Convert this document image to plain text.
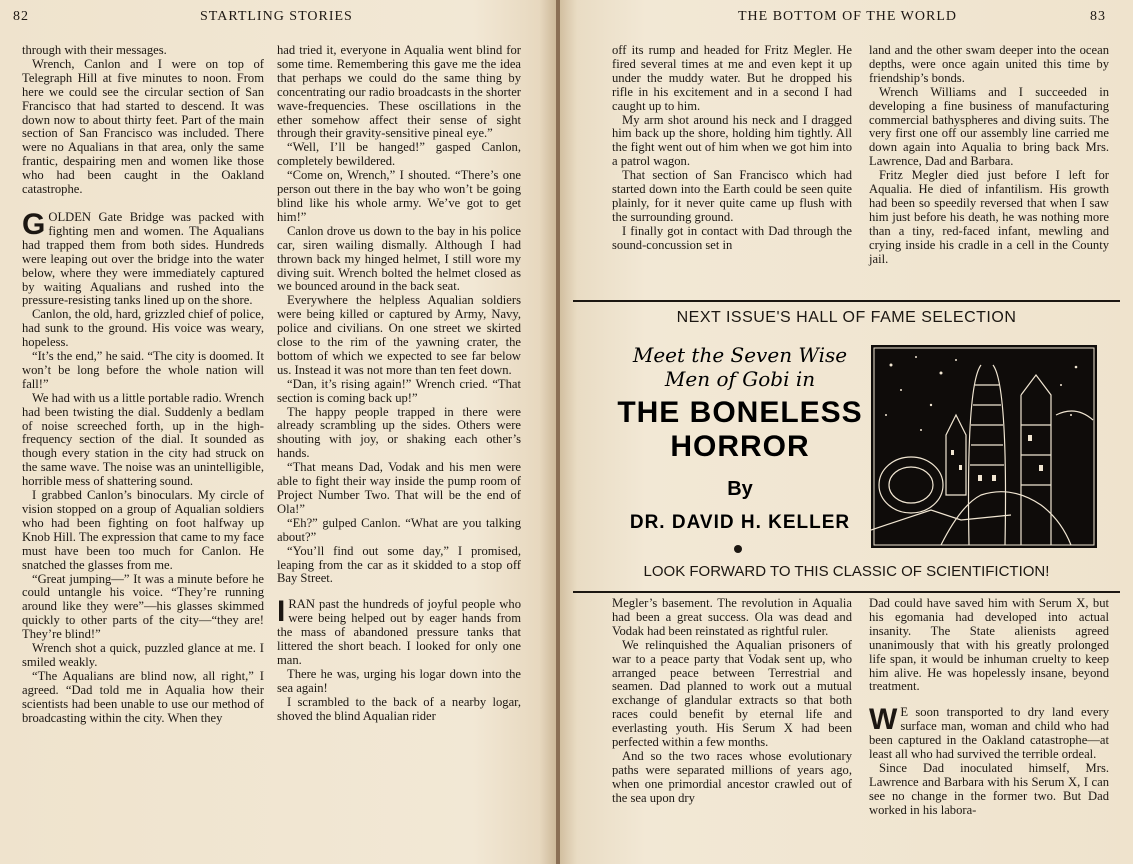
82	STARTLING STORIES

through with their messages.

Wrench, Canlon and I were on top of Telegraph Hill at five minutes to noon. From here we could see the circular section of San Francisco that had started to descend. It was down now to about thirty feet. Part of the main section of San Francisco was included. There were no Aqualians in that area, only the same frantic, despairing men and women like those who had been caught in the Oakland catastrophe.

GOLDEN Gate Bridge was packed with fighting men and women. The Aqualians had trapped them from both sides. Hundreds were leaping out over the bridge into the water below, where they were immediately captured by waiting Aqualians and rushed into the pressure-resisting tanks lined up on the shore.

Canlon, the old, hard, grizzled chief of police, had sunk to the ground. His voice was weary, hopeless.

“It’s the end,” he said. “The city is doomed. It won’t be long before the whole nation will fall!”

We had with us a little portable radio. Wrench had been twisting the dial. Suddenly a bedlam of noise screeched forth, up in the high-frequency section of the dial. It sounded as though every station in the city had struck on the same wave. The noise was an unintelligible, horrible mess of shattering sound.

I grabbed Canlon’s binoculars. My circle of vision stopped on a group of Aqualian soldiers who had been fighting on foot halfway up Knob Hill. The expression that came to my face must have been too much for Canlon. He snatched the glasses from me.

“Great jumping—” It was a minute before he could untangle his voice. “They’re running around like they were”—his glasses skimmed quickly to other parts of the city—“they are! They’re blind!”

Wrench shot a quick, puzzled glance at me. I smiled weakly.

“The Aqualians are blind now, all right,” I agreed. “Dad told me in Aqualia how their scientists had been unable to use our method of broadcasting within the city. When they

had tried it, everyone in Aqualia went blind for some time. Remembering this gave me the idea that perhaps we could do the same thing by concentrating our radio broadcasts in the shorter wave-frequencies. These oscillations in the ether somehow affect their sense of sight through their gravity-sensitive pineal eye.”

“Well, I’ll be hanged!” gasped Canlon, completely bewildered.

“Come on, Wrench,” I shouted. “There’s one person out there in the bay who won’t be going blind like his whole army. We’ve got to get him!”

Canlon drove us down to the bay in his police car, siren wailing dismally. Although I had thrown back my hinged helmet, I still wore my diving suit. Wrench bolted the helmet closed as we bounced around in the back seat.

Everywhere the helpless Aqualian soldiers were being killed or captured by Army, Navy, police and civilians. On one street we skirted close to the rim of the yawning crater, the bottom of which we expected to see far below us. Instead it was not more than ten feet down.

“Dan, it’s rising again!” Wrench cried. “That section is coming back up!”

The happy people trapped in there were already scrambling up the sides. Others were shouting with joy, or shaking each other’s hands.

“That means Dad, Vodak and his men were able to fight their way inside the pump room of Project Number Two. That will be the end of Ola!”

“Eh?” gulped Canlon. “What are you talking about?”

“You’ll find out some day,” I promised, leaping from the car as it skidded to a stop off Bay Street.

IRAN past the hundreds of joyful people who were being helped out by eager hands from the mass of abandoned pressure tanks that littered the short beach. I looked for only one man.

There he was, urging his logar down into the sea again!

I scrambled to the back of a nearby logar, shoved the blind Aqualian rider

THE BOTTOM OF THE WORLD	83

off its rump and headed for Fritz Megler. He fired several times at me and even kept it up under the muddy water. But he dropped his rifle in his excitement and in a second I had caught up to him.

My arm shot around his neck and I dragged him back up the shore, holding him tightly. All the fight went out of him when we got him into a patrol wagon.

That section of San Francisco which had started down into the Earth could be seen quite plainly, for it never quite came up flush with the surrounding ground.

I finally got in contact with Dad through the sound-concussion set in

land and the other swam deeper into the ocean depths, were once again united this time by friendship’s bonds.

Wrench Williams and I succeeded in developing a fine business of manufacturing commercial bathyspheres and diving suits. The very first one off our assembly line carried me down again into Aqualia to bring back Mrs. Lawrence, Dad and Barbara.

Fritz Megler died just before I left for Aqualia. He died of infantilism. His growth had been so speedily reversed that when I saw him just before his death, he was nothing more than a tiny, red-faced infant, mewling and crying inside his cradle in a cell in the County jail.

NEXT ISSUE'S HALL OF FAME SELECTION
LOOK FORWARD TO THIS CLASSIC OF SCIENTIFICTION!

Megler’s basement. The revolution in Aqualia had been a great success. Ola was dead and Vodak had been reinstated as rightful ruler.

We relinquished the Aqualian prisoners of war to a peace party that Vodak sent up, who arranged peace between Terrestrial and seamen. Dad planned to work out a mutual exchange of glandular extracts so that both races could benefit by eternal life and everlasting youth. His Serum X had been perfected within a few months.

And so the two races whose evolutionary paths were separated millions of years ago, when one primordial ancestor crawled out of the sea upon dry

Dad could have saved him with Serum X, but his egomania had developed into actual insanity. The State alienists agreed unanimously that with his greatly prolonged life span, it would be inhuman cruelty to keep him alive. He was hopelessly insane, beyond treatment.

W E soon transported to dry land every surface man, woman and child who had been captured in the Oakland catastrophe—at least all who had survived the terrible ordeal.

Since Dad inoculated himself, Mrs. Lawrence and Barbara with his Serum X, I can see no change in the former two. But Dad worked in his labora-

Meet the Seven Wise
Men of Gobi in
THE BONELESS
HORROR
By
DR. DAVID H. KELLER
